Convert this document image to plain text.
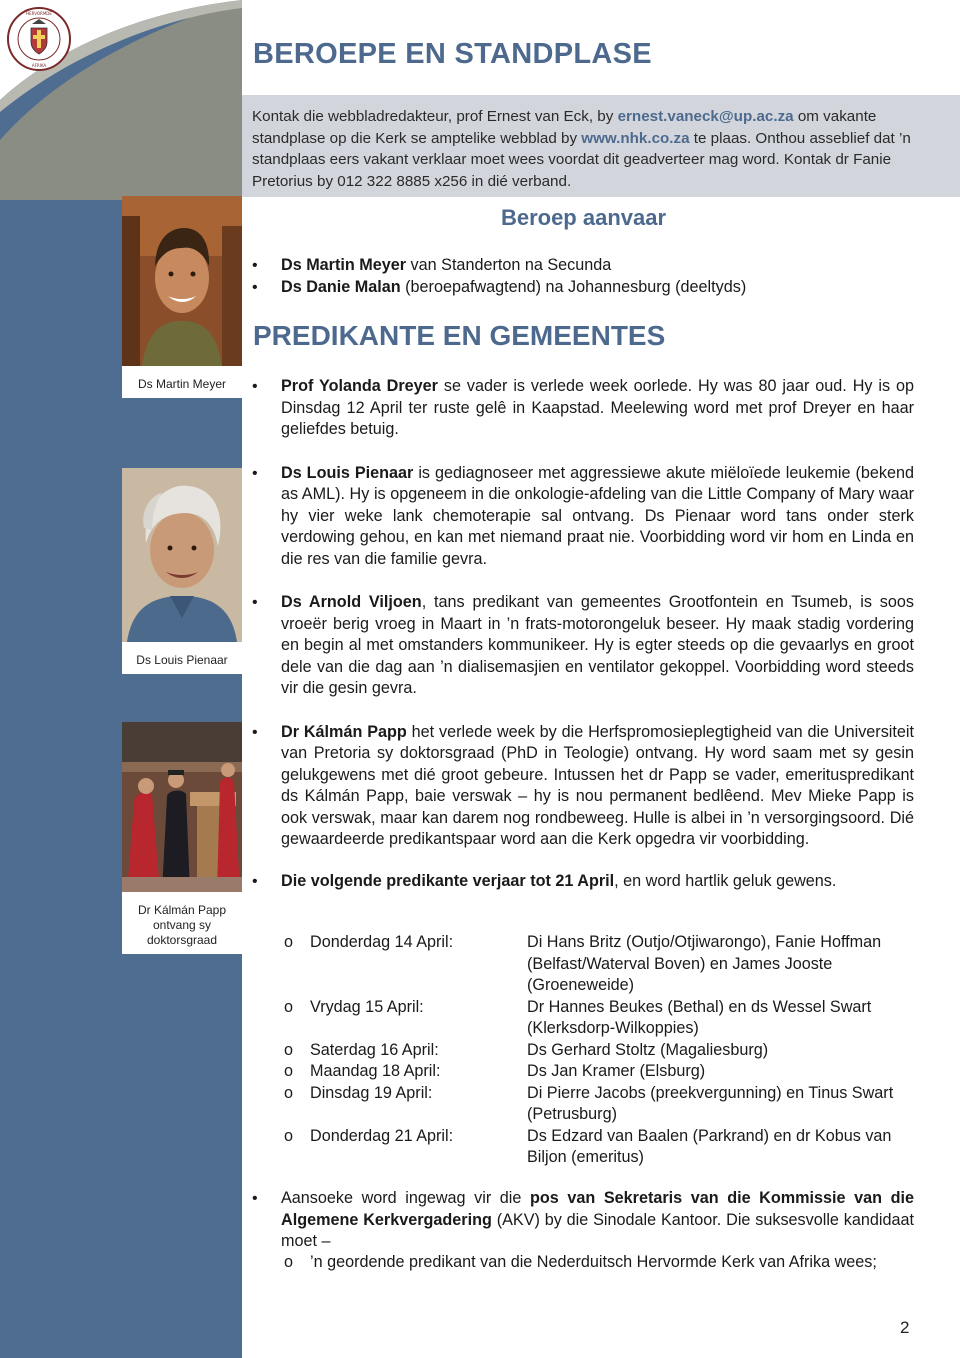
HERVORMDE
AFRIKA	BEROEPE EN STANDPLASE

Kontak die webbladredakteur, prof Ernest van Eck, by ernest.vaneck@up.ac.za om vakante standplase op die Kerk se amptelike webblad by www.nhk.co.za te plaas. Onthou asseblief dat ’n standplaas eers vakant verklaar moet wees voordat dit geadverteer mag word. Kontak dr Fanie Pretorius by 012 322 8885 x256 in dié verband.

Beroep aanvaar
• Ds Martin Meyer van Standerton na Secunda
• Ds Danie Malan (beroepafwagtend) na Johannesburg (deeltyds)
PREDIKANTE EN GEMEENTES
Ds Martin Meyer
Ds Louis Pienaar
Dr Kálmán Papp ontvang sy doktorsgraad
• Prof Yolanda Dreyer se vader is verlede week oorlede. Hy was 80 jaar oud. Hy is op Dinsdag 12 April ter ruste gelê in Kaapstad. Meelewing word met prof Dreyer en haar geliefdes betuig.
• Ds Louis Pienaar is gediagnoseer met aggressiewe akute miëloïede leukemie (bekend as AML). Hy is opgeneem in die onkologie-afdeling van die Little Company of Mary waar hy vier weke lank chemoterapie sal ontvang. Ds Pienaar word tans onder sterk verdowing gehou, en kan met niemand praat nie. Voorbidding word vir hom en Linda en die res van die familie gevra.
• Ds Arnold Viljoen, tans predikant van gemeentes Grootfontein en Tsumeb, is soos vroeër berig vroeg in Maart in ’n frats-motorongeluk beseer. Hy maak stadig vordering en begin al met omstanders kommunikeer. Hy is egter steeds op die gevaarlys en groot dele van die dag aan ’n dialisemasjien en ventilator gekoppel. Voorbidding word steeds vir die gesin gevra.
• Dr Kálmán Papp het verlede week by die Herfspromosieplegtigheid van die Universiteit van Pretoria sy doktorsgraad (PhD in Teologie) ontvang. Hy word saam met sy gesin gelukgewens met dié groot gebeure. Intussen het dr Papp se vader, emerituspredikant ds Kálmán Papp, baie verswak – hy is nou permanent bedlêend. Mev Mieke Papp is ook verswak, maar kan darem nog rondbeweeg. Hulle is albei in ’n versorgingsoord. Dié gewaardeerde predikantspaar word aan die Kerk opgedra vir voorbidding.
• Die volgende predikante verjaar tot 21 April, en word hartlik geluk gewens.
o Donderdag 14 April:	Di Hans Britz (Outjo/Otjiwarongo), Fanie Hoffman (Belfast/Waterval Boven) en James Jooste (Groeneweide)
o Vrydag 15 April:	Dr Hannes Beukes (Bethal) en ds Wessel Swart (Klerksdorp-Wilkoppies)
o Saterdag 16 April:	Ds Gerhard Stoltz (Magaliesburg)
o Maandag 18 April:	Ds Jan Kramer (Elsburg)
o Dinsdag 19 April:	Di Pierre Jacobs (preekvergunning) en Tinus Swart (Petrusburg)
o Donderdag 21 April:	Ds Edzard van Baalen (Parkrand) en dr Kobus van Biljon (emeritus)
• Aansoeke word ingewag vir die pos van Sekretaris van die Kommissie van die Algemene Kerkvergadering (AKV) by die Sinodale Kantoor. Die suksesvolle kandidaat moet –
o ’n geordende predikant van die Nederduitsch Hervormde Kerk van Afrika wees;
2
